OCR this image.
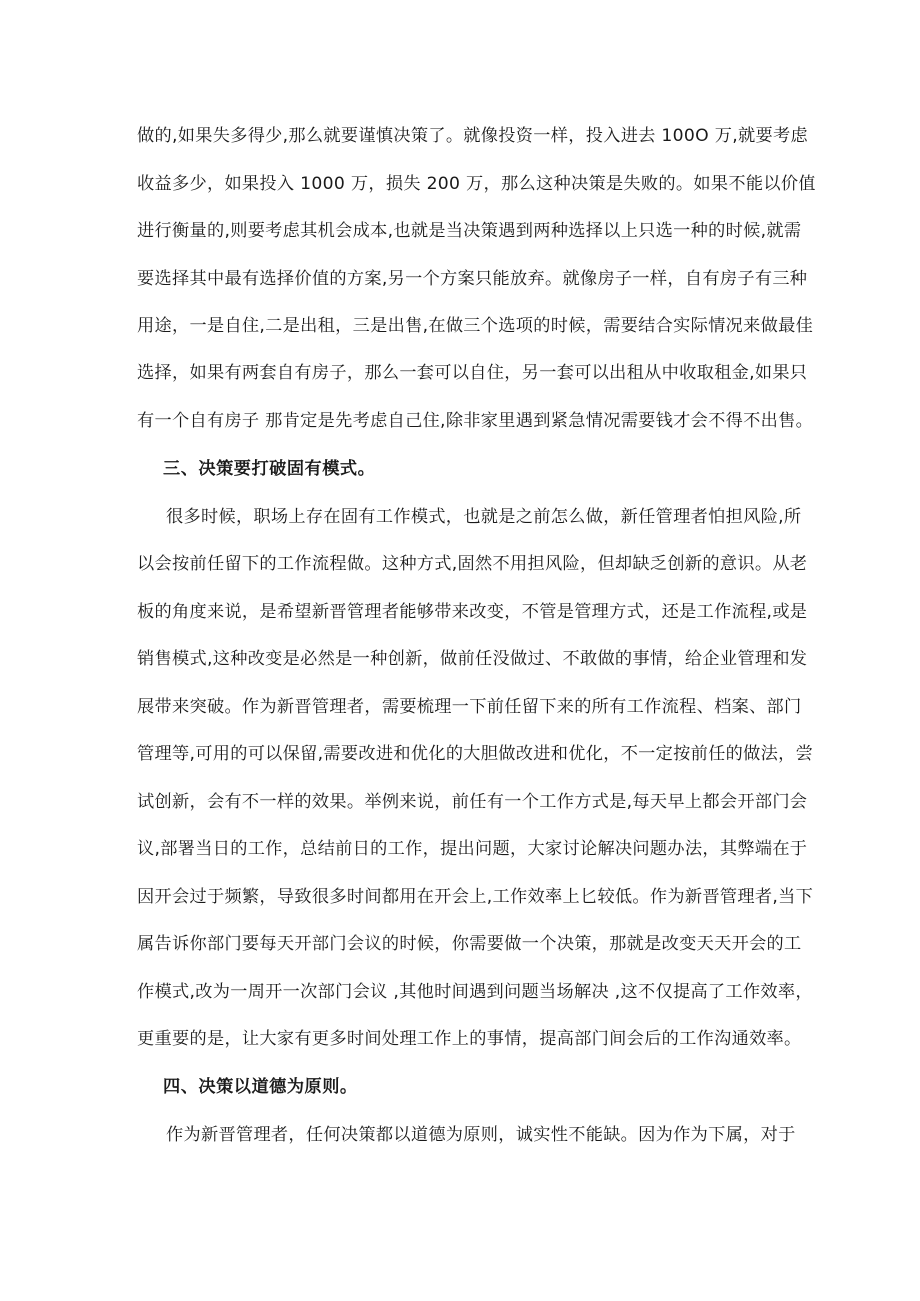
做的,如果失多得少,那么就要谨慎决策了。就像投资一样，投入进去 100O 万,就要考虑
收益多少，如果投入 1000 万，损失 200 万，那么这种决策是失败的。如果不能以价值
进行衡量的,则要考虑其机会成本,也就是当决策遇到两种选择以上只选一种的时候,就需
要选择其中最有选择价值的方案,另一个方案只能放弃。就像房子一样，自有房子有三种
用途，一是自住,二是出租，三是出售,在做三个选项的时候，需要结合实际情况来做最佳
选择，如果有两套自有房子，那么一套可以自住，另一套可以出租从中收取租金,如果只
有一个自有房子 那肯定是先考虑自己住,除非家里遇到紧急情况需要钱才会不得不出售。
三、决策要打破固有模式。
很多时候，职场上存在固有工作模式，也就是之前怎么做，新任管理者怕担风险,所
以会按前任留下的工作流程做。这种方式,固然不用担风险，但却缺乏创新的意识。从老
板的角度来说，是希望新晋管理者能够带来改变，不管是管理方式，还是工作流程,或是
销售模式,这种改变是必然是一种创新，做前任没做过、不敢做的事情，给企业管理和发
展带来突破。作为新晋管理者，需要梳理一下前任留下来的所有工作流程、档案、部门
管理等,可用的可以保留,需要改进和优化的大胆做改进和优化，不一定按前任的做法，尝
试创新，会有不一样的效果。举例来说，前任有一个工作方式是,每天早上都会开部门会
议,部署当日的工作，总结前日的工作，提出问题，大家讨论解决问题办法，其弊端在于
因开会过于频繁，导致很多时间都用在开会上,工作效率上匕较低。作为新晋管理者,当下
属告诉你部门要每天开部门会议的时候，你需要做一个决策，那就是改变天天开会的工
作模式,改为一周开一次部门会议 ,其他时间遇到问题当场解决 ,这不仅提高了工作效率，
更重要的是，让大家有更多时间处理工作上的事情，提高部门间会后的工作沟通效率。
四、决策以道德为原则。
作为新晋管理者，任何决策都以道德为原则，诚实性不能缺。因为作为下属，对于
